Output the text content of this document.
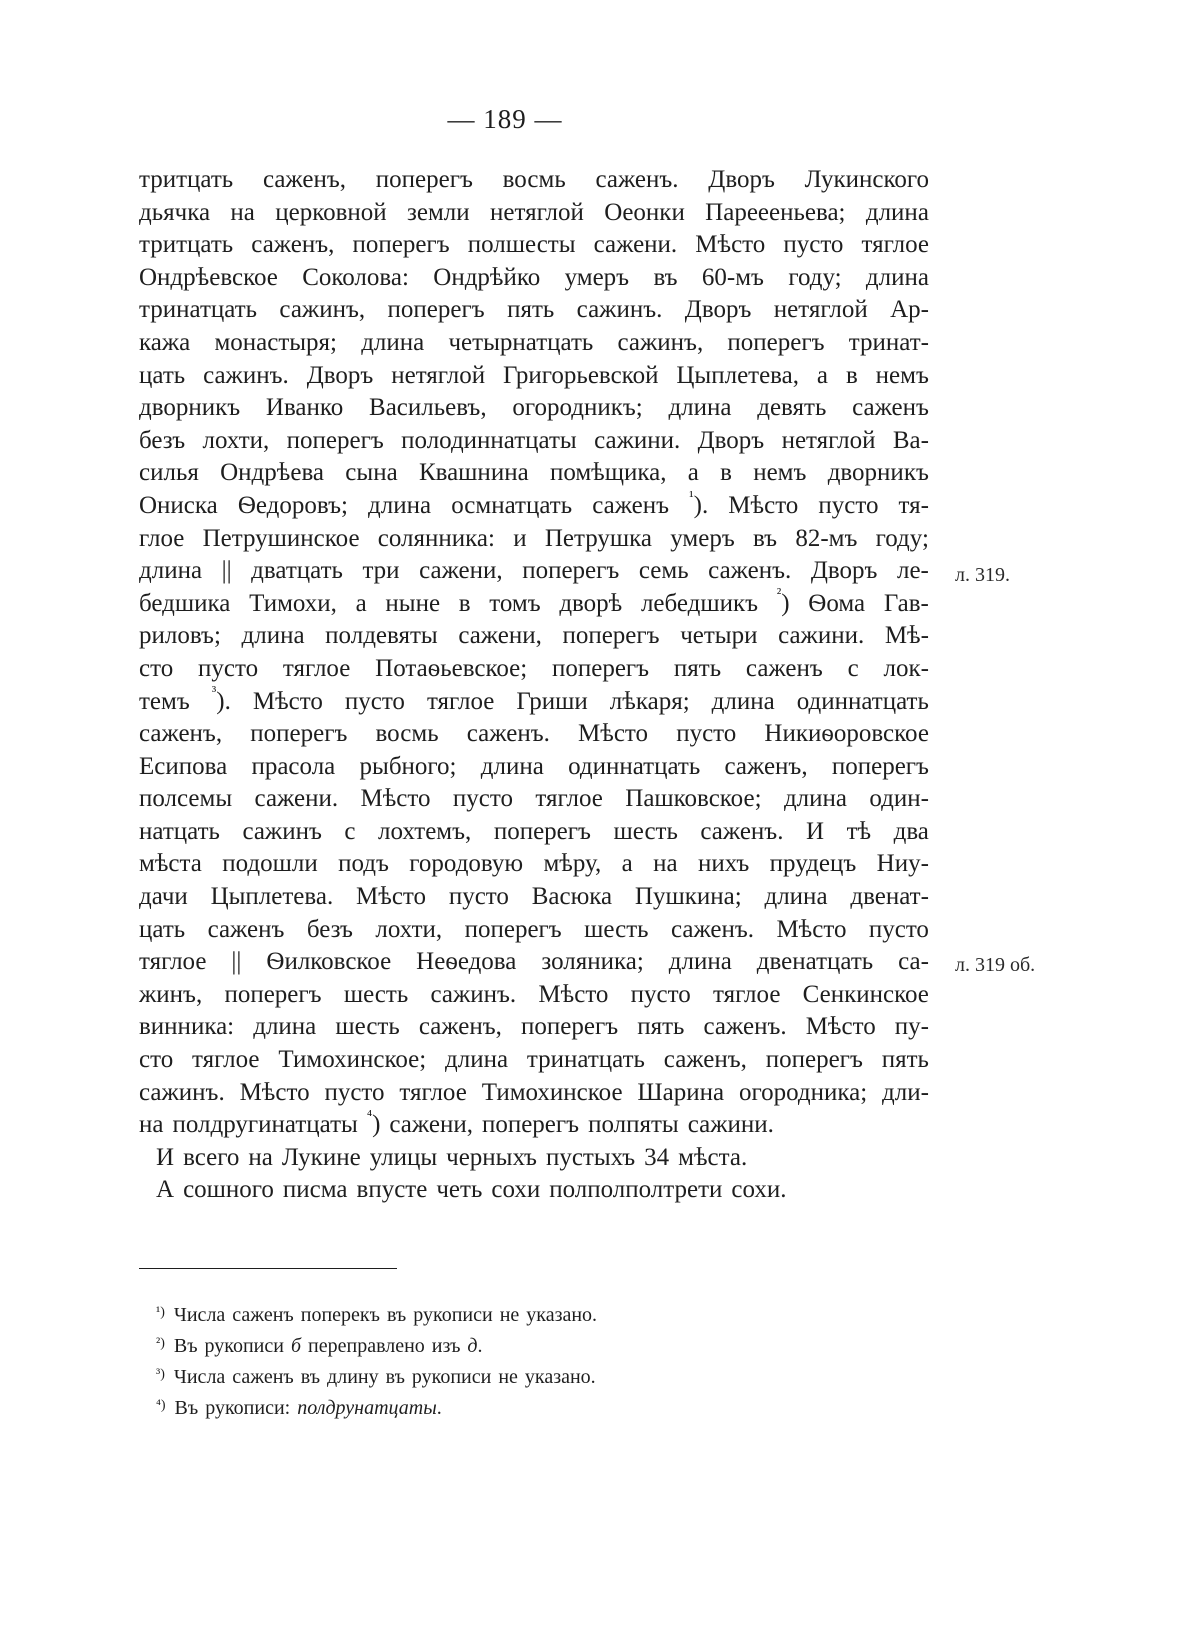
— 189 —
тритцать саженъ, поперегъ восмь саженъ. Дворъ Лукинского
дьячка на церковной земли нетяглой Оеонки Пареееньева; длина
тритцать саженъ, поперегъ полшесты сажени. Мѣсто пусто тяглое
Ондрѣевское Соколова: Ондрѣйко умеръ въ 60-мъ году; длина
тринатцать сажинъ, поперегъ пять сажинъ. Дворъ нетяглой Ар-
кажа монастыря; длина четырнатцать сажинъ, поперегъ тринат-
цать сажинъ. Дворъ нетяглой Григорьевской Цыплетева, а в немъ
дворникъ Иванко Васильевъ, огородникъ; длина девять саженъ
безъ лохти, поперегъ полодиннатцаты сажини. Дворъ нетяглой Ва-
силья Ондрѣева сына Квашнина помѣщика, а в немъ дворникъ
Ониска Ѳедоровъ; длина осмнатцать саженъ $^{^1}$). Мѣсто пусто тя-
глое Петрушинское солянника: и Петрушка умеръ въ 82-мъ году;
длина || дватцать три сажени, поперегъ семь саженъ. Дворъ ле-
бедшика Тимохи, а ныне в томъ дворѣ лебедшикъ $^{^2}$) Ѳома Гав-
риловъ; длина полдевяты сажени, поперегъ четыри сажини. Мѣ-
сто пусто тяглое Потаѳьевское; поперегъ пять саженъ с лок-
темъ $^{^3}$). Мѣсто пусто тяглое Гриши лѣкаря; длина одиннатцать
саженъ, поперегъ восмь саженъ. Мѣсто пусто Никиѳоровское
Есипова прасола рыбного; длина одиннатцать саженъ, поперегъ
полсемы сажени. Мѣсто пусто тяглое Пашковское; длина один-
натцать сажинъ с лохтемъ, поперегъ шесть саженъ. И тѣ два
мѣста подошли подъ городовую мѣру, а на нихъ прудецъ Ниу-
дачи Цыплетева. Мѣсто пусто Васюка Пушкина; длина двенат-
цать саженъ безъ лохти, поперегъ шесть саженъ. Мѣсто пусто
тяглое || Ѳилковское Неѳедова золяника; длина двенатцать са-
жинъ, поперегъ шесть сажинъ. Мѣсто пусто тяглое Сенкинское
винника: длина шесть саженъ, поперегъ пять саженъ. Мѣсто пу-
сто тяглое Тимохинское; длина тринатцать саженъ, поперегъ пять
сажинъ. Мѣсто пусто тяглое Тимохинское Шарина огородника; дли-
на полдругинатцаты $^{^4}$) сажени, поперегъ полпяты сажини.
И всего на Лукине улицы черныхъ пустыхъ 34 мѣста.
А сошного писма впусте четь сохи полполполтрети сохи.
л. 319.
л. 319 об.
$^{^1)}$ Числа саженъ поперекъ въ рукописи не указано.
$^{^2)}$ Въ рукописи б переправлено изъ д.
$^{^3)}$ Числа саженъ въ длину въ рукописи не указано.
$^{^4)}$ Въ рукописи: полдрунатцаты.
